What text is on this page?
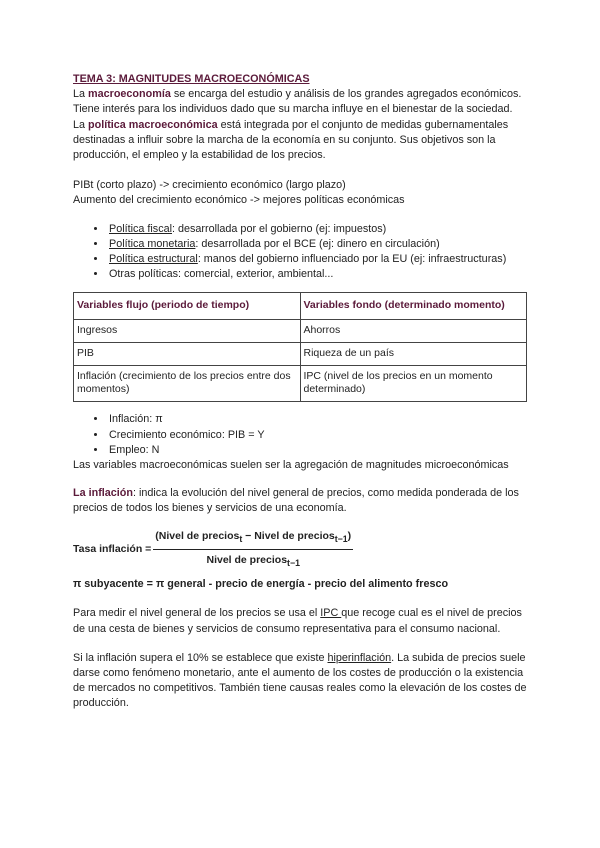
TEMA 3: MAGNITUDES MACROECONÓMICAS

La macroeconomía se encarga del estudio y análisis de los grandes agregados económicos. Tiene interés para los individuos dado que su marcha influye en el bienestar de la sociedad.

La política macroeconómica está integrada por el conjunto de medidas gubernamentales destinadas a influir sobre la marcha de la economía en su conjunto. Sus objetivos son la producción, el empleo y la estabilidad de los precios.

PIBt (corto plazo) -> crecimiento económico (largo plazo)

Aumento del crecimiento económico -> mejores políticas económicas

• Política fiscal: desarrollada por el gobierno (ej: impuestos)
• Política monetaria: desarrollada por el BCE (ej: dinero en circulación)
• Política estructural: manos del gobierno influenciado por la EU (ej: infraestructuras)
• Otras políticas: comercial, exterior, ambiental...
Variables flujo (periodo de tiempo)	Variables fondo (determinado momento)
Ingresos	Ahorros
PIB	Riqueza de un país
Inflación (crecimiento de los precios entre dos momentos)	IPC (nivel de los precios en un momento determinado)
• Inflación: π
• Crecimiento económico: PIB = Y
• Empleo: N

Las variables macroeconómicas suelen ser la agregación de magnitudes microeconómicas

La inflación: indica la evolución del nivel general de precios, como medida ponderada de los precios de todos los bienes y servicios de una economía.

Tasa inflación = $\frac{(Nivel de precios_t - Nivel de precios_{t-1})}{Nivel de precios_{t-1}}$

π subyacente = π general - precio de energía - precio del alimento fresco

Para medir el nivel general de los precios se usa el IPC que recoge cual es el nivel de precios de una cesta de bienes y servicios de consumo representativa para el consumo nacional.

Si la inflación supera el 10% se establece que existe hiperinflación. La subida de precios suele darse como fenómeno monetario, ante el aumento de los costes de producción o la existencia de mercados no competitivos. También tiene causas reales como la elevación de los costes de producción.
